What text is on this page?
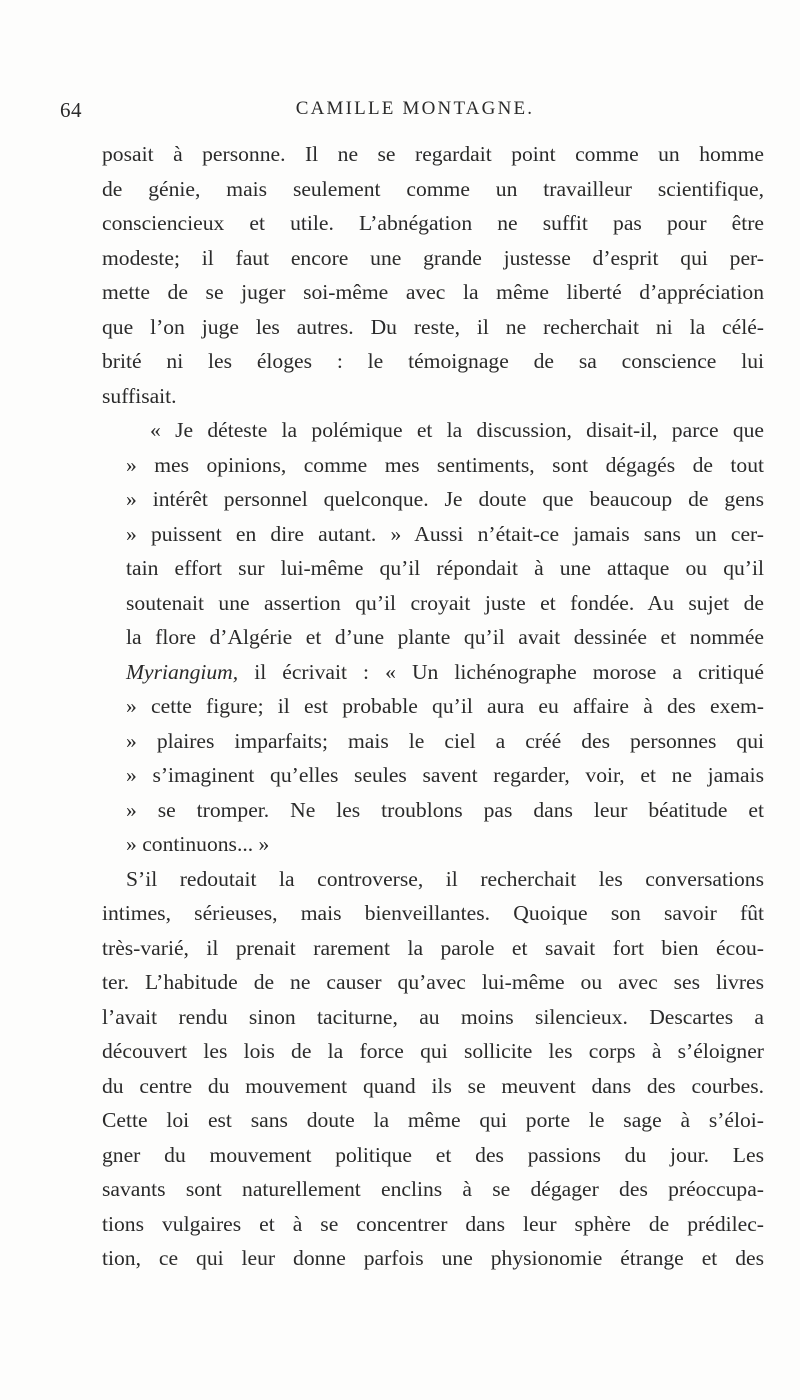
64	CAMILLE MONTAGNE.

posait à personne. Il ne se regardait point comme un homme
de génie, mais seulement comme un travailleur scientifique,
consciencieux et utile. L’abnégation ne suffit pas pour être
modeste; il faut encore une grande justesse d’esprit qui per-
mette de se juger soi-même avec la même liberté d’appréciation
que l’on juge les autres. Du reste, il ne recherchait ni la célé-
brité ni les éloges : le témoignage de sa conscience lui
suffisait.

« Je déteste la polémique et la discussion, disait-il, parce que
» mes opinions, comme mes sentiments, sont dégagés de tout
» intérêt personnel quelconque. Je doute que beaucoup de gens
» puissent en dire autant. » Aussi n’était-ce jamais sans un cer-
tain effort sur lui-même qu’il répondait à une attaque ou qu’il
soutenait une assertion qu’il croyait juste et fondée. Au sujet de
la flore d’Algérie et d’une plante qu’il avait dessinée et nommée
Myriangium, il écrivait : « Un lichénographe morose a critiqué
» cette figure; il est probable qu’il aura eu affaire à des exem-
» plaires imparfaits; mais le ciel a créé des personnes qui
» s’imaginent qu’elles seules savent regarder, voir, et ne jamais
» se tromper. Ne les troublons pas dans leur béatitude et
» continuons... »

S’il redoutait la controverse, il recherchait les conversations
intimes, sérieuses, mais bienveillantes. Quoique son savoir fût
très-varié, il prenait rarement la parole et savait fort bien écou-
ter. L’habitude de ne causer qu’avec lui-même ou avec ses livres
l’avait rendu sinon taciturne, au moins silencieux. Descartes a
découvert les lois de la force qui sollicite les corps à s’éloigner
du centre du mouvement quand ils se meuvent dans des courbes.
Cette loi est sans doute la même qui porte le sage à s’éloi-
gner du mouvement politique et des passions du jour. Les
savants sont naturellement enclins à se dégager des préoccupa-
tions vulgaires et à se concentrer dans leur sphère de prédilec-
tion, ce qui leur donne parfois une physionomie étrange et des
